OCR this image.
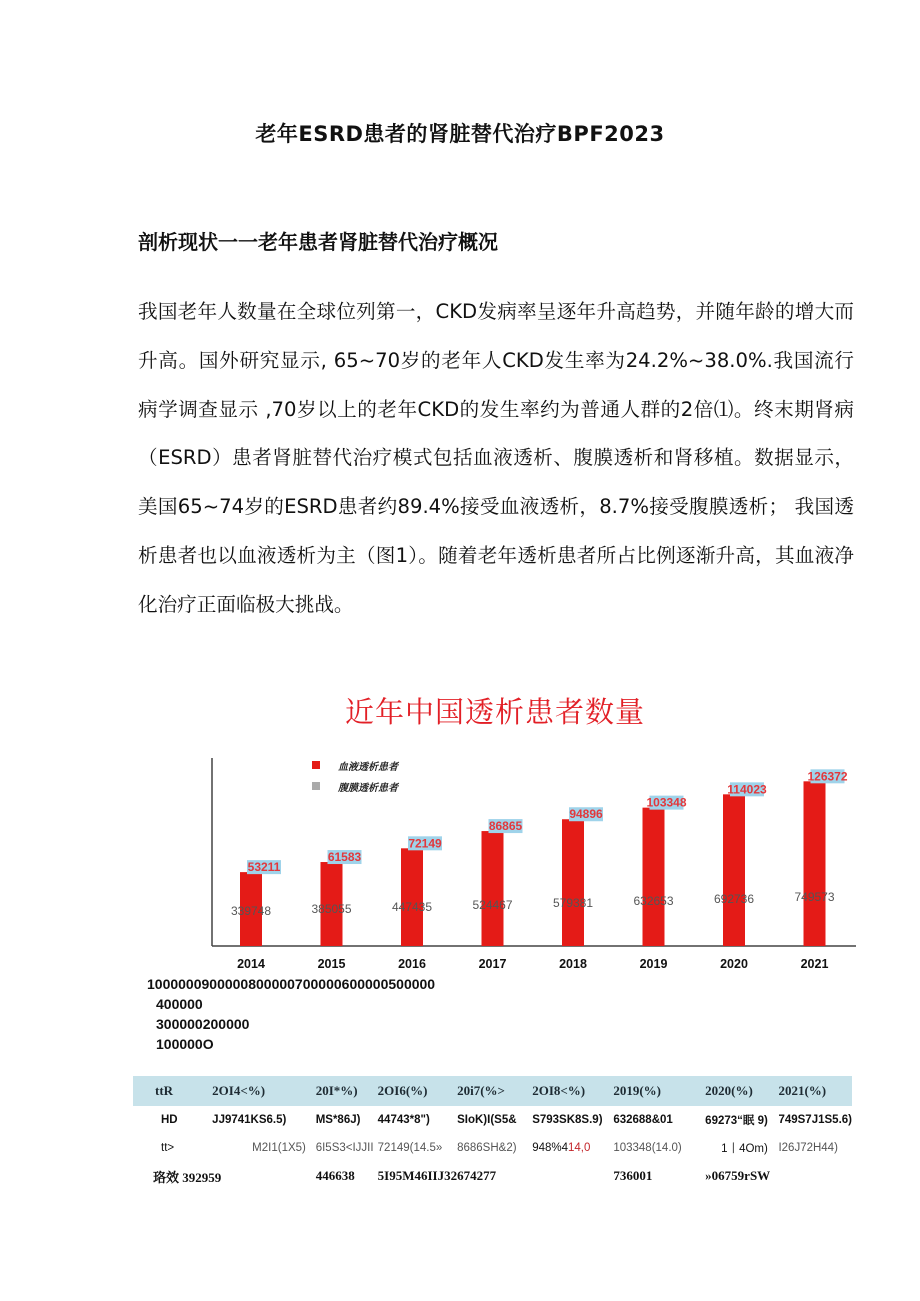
老年ESRD患者的肾脏替代治疗BPF2023
剖析现状一一老年患者肾脏替代治疗概况

我国老年人数量在全球位列第一，CKD发病率呈逐年升高趋势，并随年龄的增大而升高。国外研究显示, 65~70岁的老年人CKD发生率为24.2%~38.0%.我国流行病学调查显示 ,70岁以上的老年CKD的发生率约为普通人群的2倍⑴。终末期肾病（ESRD）患者肾脏替代治疗模式包括血液透析、腹膜透析和肾移植。数据显示，美国65~74岁的ESRD患者约89.4%接受血液透析，8.7%接受腹膜透析； 我国透析患者也以血液透析为主（图1）。随着老年透析患者所占比例逐渐升高，其血液净化治疗正面临极大挑战。

近年中国透析患者数量
血液透析患者
腹膜透析患者
53211
339748
2014
61583
385055
2015
72149
447435
2016
86865
524467
2017
94896
579381
2018
103348
632653
2019
114023
692736
2020
126372
749573
2021
1000000900000800000700000600000500000
400000
300000200000
100000O
ttR	2OI4<%)	20I*%)	2OI6(%)	20i7(%>	2OI8<%)	2019(%)	2020(%)	2021(%)
HD	JJ9741KS6.5)	MS*86J)	44743*8")	SIoK)I(S5&	S793SK8S.9)	632688&01	69273“眠 9)	749S7J1S5.6)
tt>	M2I1(1X5)	6I5S3<IJJII	72149(14.5»	8686SH&2)	948%414,0	103348(14.0)	1丨4Om)	I26J72H44)
珞效 392959		446638	5I95M46IIJ32674277			736001	»06759rSW	
